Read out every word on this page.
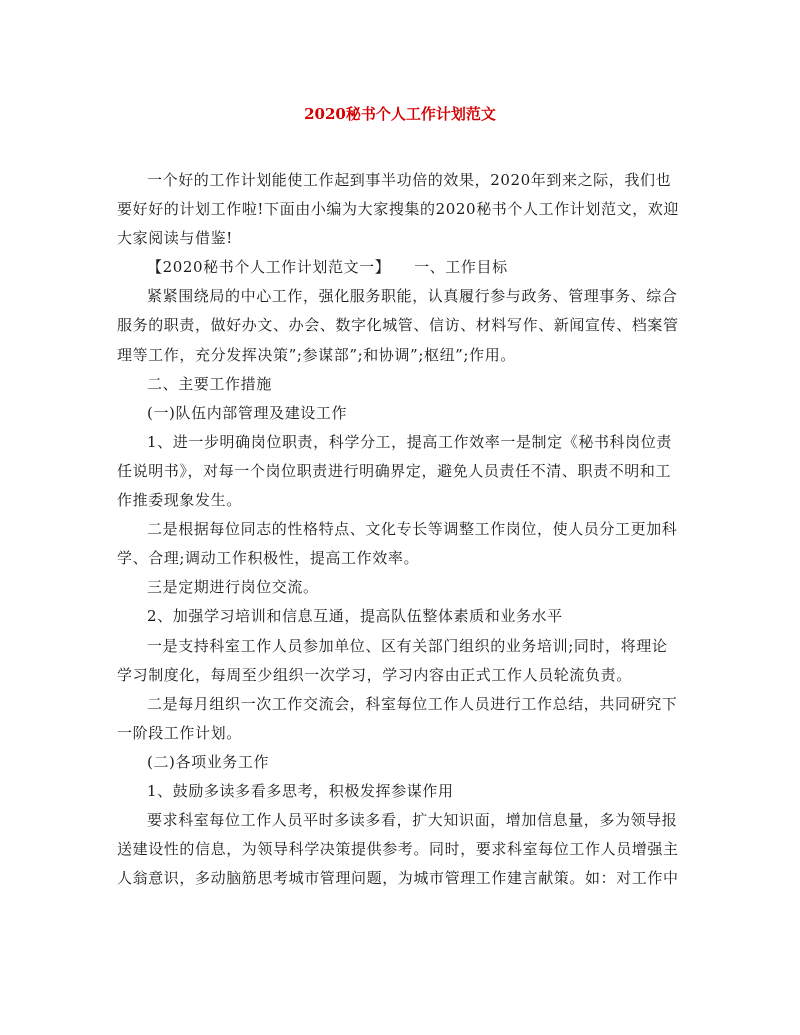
2020秘书个人工作计划范文

一个好的工作计划能使工作起到事半功倍的效果，2020年到来之际，我们也
要好好的计划工作啦!下面由小编为大家搜集的2020秘书个人工作计划范文，欢迎
大家阅读与借鉴!

【2020秘书个人工作计划范文一】　　一、工作目标

紧紧围绕局的中心工作，强化服务职能，认真履行参与政务、管理事务、综合
服务的职责，做好办文、办会、数字化城管、信访、材料写作、新闻宣传、档案管
理等工作，充分发挥决策”;参谋部”;和协调”;枢纽”;作用。

二、主要工作措施

(一)队伍内部管理及建设工作

1、进一步明确岗位职责，科学分工，提高工作效率一是制定《秘书科岗位责
任说明书》，对每一个岗位职责进行明确界定，避免人员责任不清、职责不明和工
作推委现象发生。

二是根据每位同志的性格特点、文化专长等调整工作岗位，使人员分工更加科
学、合理;调动工作积极性，提高工作效率。

三是定期进行岗位交流。

2、加强学习培训和信息互通，提高队伍整体素质和业务水平

一是支持科室工作人员参加单位、区有关部门组织的业务培训;同时，将理论
学习制度化，每周至少组织一次学习，学习内容由正式工作人员轮流负责。

二是每月组织一次工作交流会，科室每位工作人员进行工作总结，共同研究下
一阶段工作计划。

(二)各项业务工作

1、鼓励多读多看多思考，积极发挥参谋作用

要求科室每位工作人员平时多读多看，扩大知识面，增加信息量，多为领导报
送建设性的信息，为领导科学决策提供参考。同时，要求科室每位工作人员增强主
人翁意识，多动脑筋思考城市管理问题，为城市管理工作建言献策。如：对工作中
